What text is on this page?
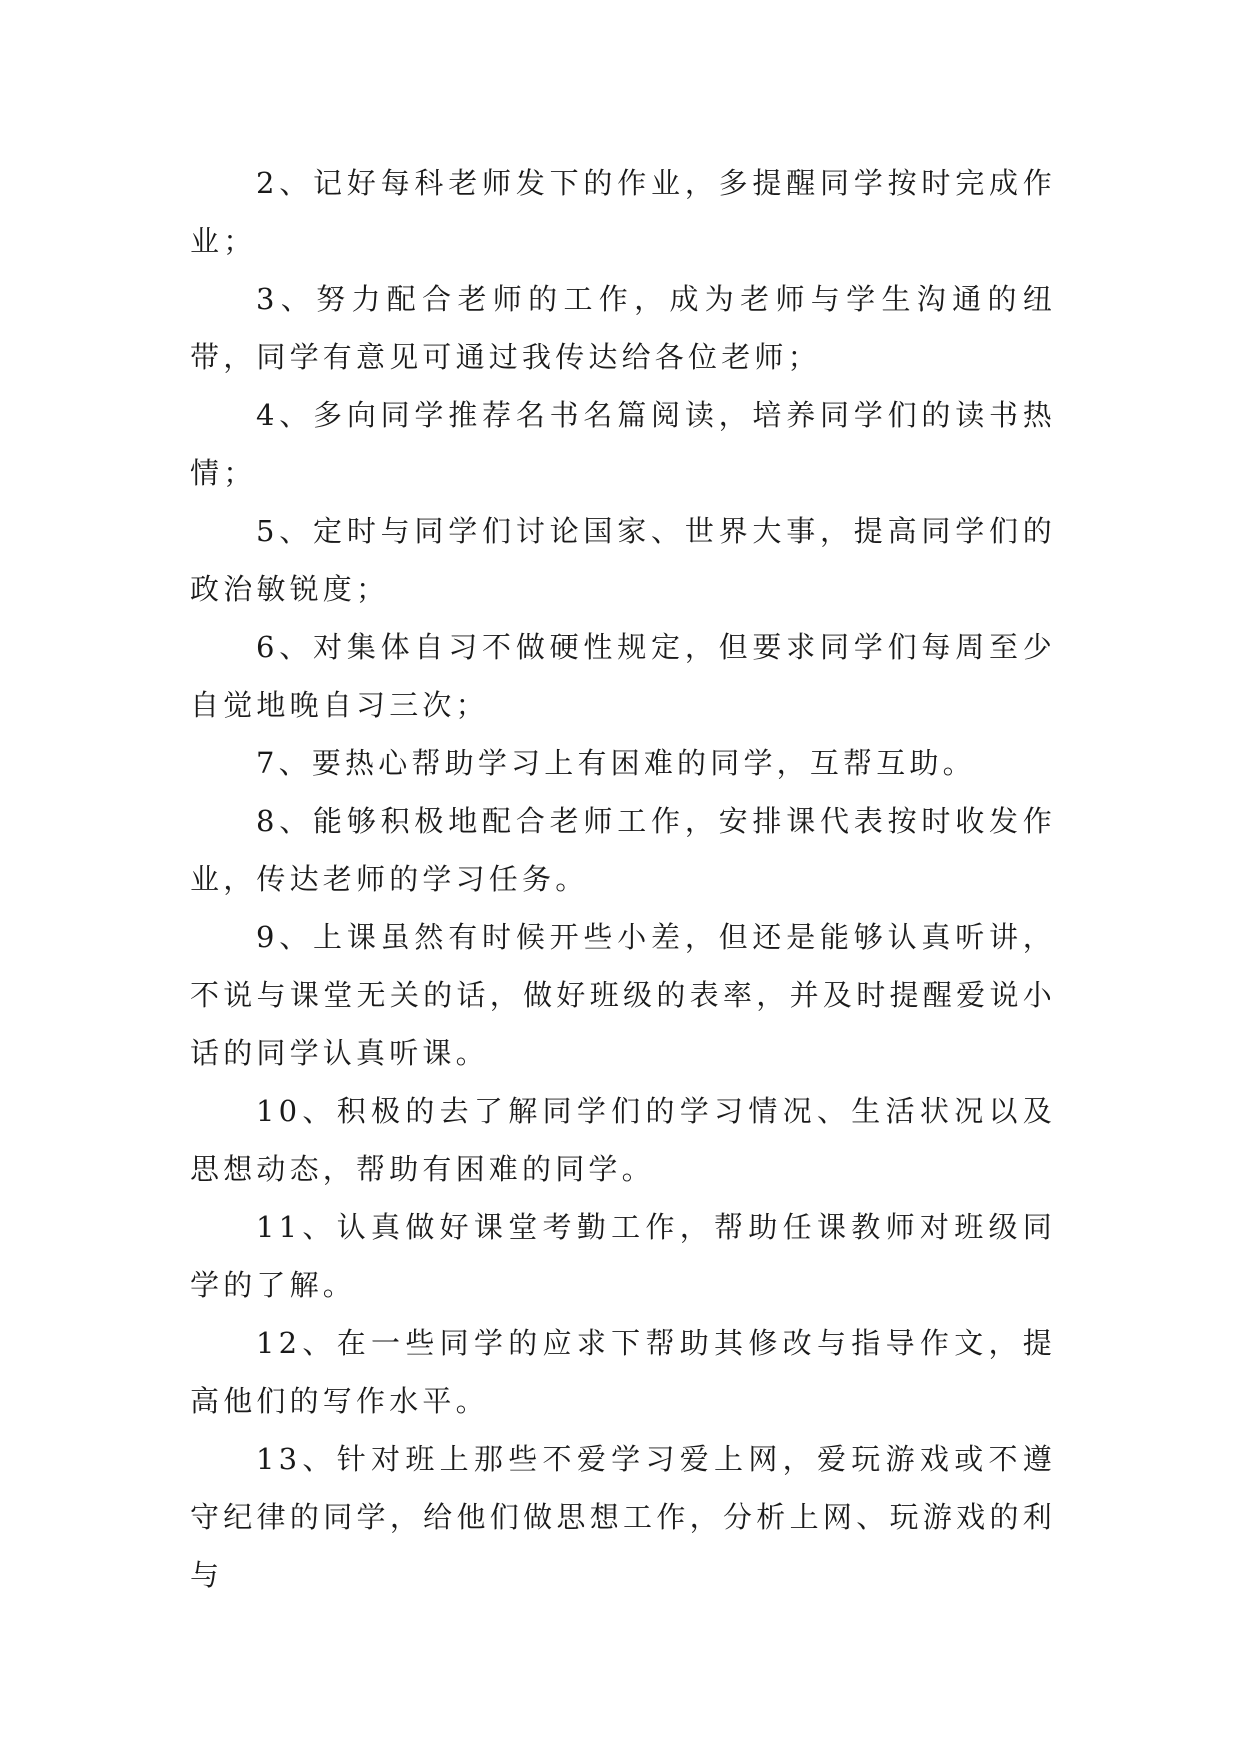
2、记好每科老师发下的作业，多提醒同学按时完成作业；

3、努力配合老师的工作，成为老师与学生沟通的纽带，同学有意见可通过我传达给各位老师；

4、多向同学推荐名书名篇阅读，培养同学们的读书热情；

5、定时与同学们讨论国家、世界大事，提高同学们的政治敏锐度；

6、对集体自习不做硬性规定，但要求同学们每周至少自觉地晚自习三次；

7、要热心帮助学习上有困难的同学，互帮互助。

8、能够积极地配合老师工作，安排课代表按时收发作业，传达老师的学习任务。

9、上课虽然有时候开些小差，但还是能够认真听讲，不说与课堂无关的话，做好班级的表率，并及时提醒爱说小话的同学认真听课。

10、积极的去了解同学们的学习情况、生活状况以及思想动态，帮助有困难的同学。

11、认真做好课堂考勤工作，帮助任课教师对班级同学的了解。

12、在一些同学的应求下帮助其修改与指导作文，提高他们的写作水平。

13、针对班上那些不爱学习爱上网，爱玩游戏或不遵守纪律的同学，给他们做思想工作，分析上网、玩游戏的利与
